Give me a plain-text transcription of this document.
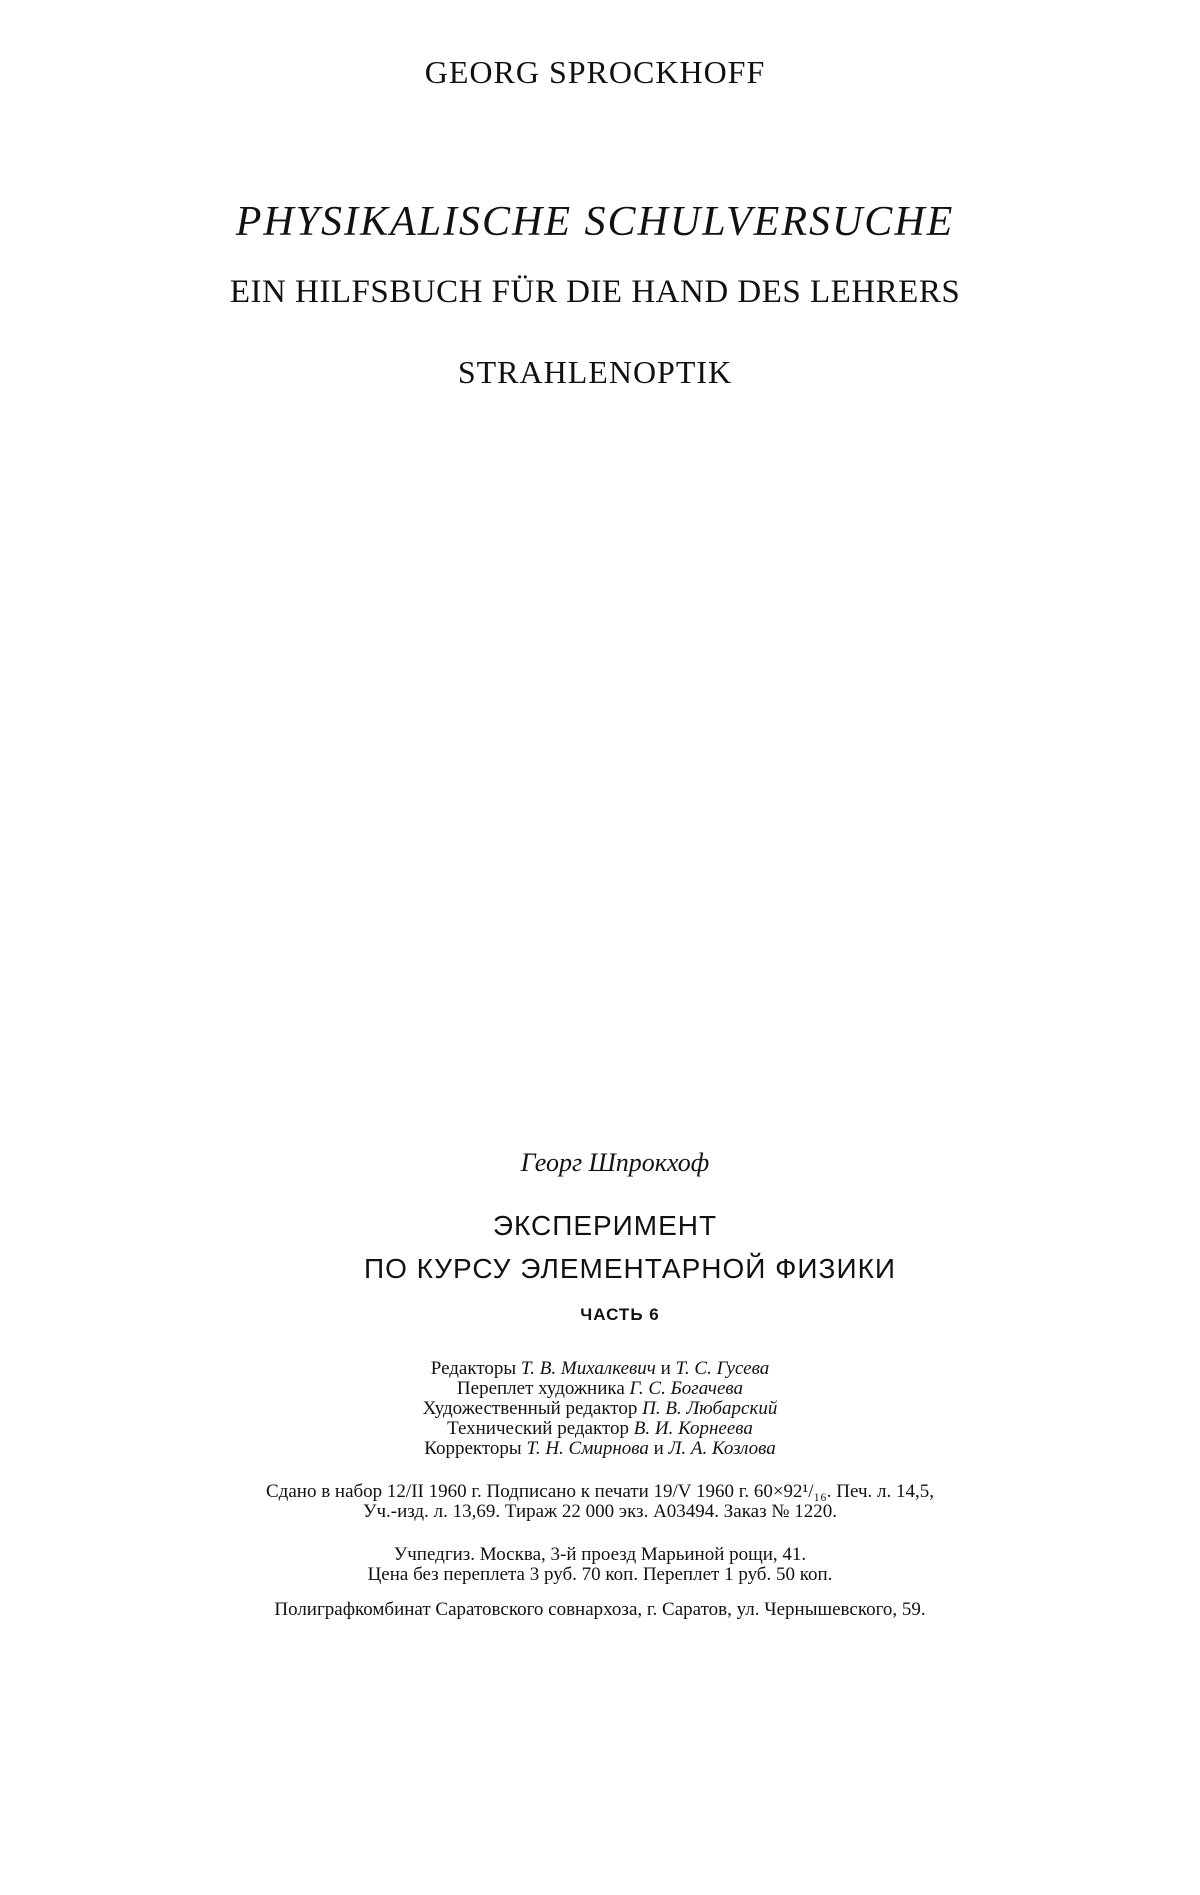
GEORG SPROCKHOFF
PHYSIKALISCHE SCHULVERSUCHE
EIN HILFSBUCH FÜR DIE HAND DES LEHRERS
STRAHLENOPTIK
Георг Шпрокхоф
ЭКСПЕРИМЕНТ
ПО КУРСУ ЭЛЕМЕНТАРНОЙ ФИЗИКИ
ЧАСТЬ 6
Редакторы Т. В. Михалкевич и Т. С. Гусева
Переплет художника Г. С. Богачева
Художественный редактор П. В. Любарский
Технический редактор В. И. Корнеева
Корректоры Т. Н. Смирнова и Л. А. Козлова
Сдано в набор 12/II 1960 г. Подписано к печати 19/V 1960 г. 60×92¹/₁₆. Печ. л. 14,5,
Уч.-изд. л. 13,69. Тираж 22 000 экз. А03494. Заказ № 1220.
Учпедгиз. Москва, 3-й проезд Марьиной рощи, 41.
Цена без переплета 3 руб. 70 коп. Переплет 1 руб. 50 коп.
Полиграфкомбинат Саратовского совнархоза, г. Саратов, ул. Чернышевского, 59.
